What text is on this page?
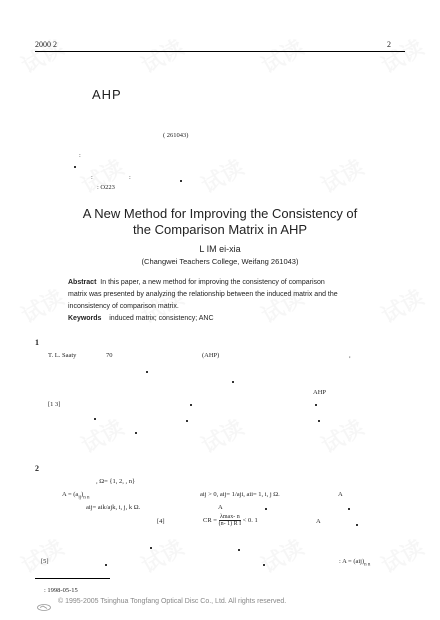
2000 2	2
AHP
( 261043)
:
:	:
: O223
A New Method for Improving the Consistency of
the Comparison Matrix in AHP
L IM ei-xia
(Changwei Teachers College, Weifang 261043)
Abstract In this paper, a new method for improving the consistency of comparison
matrix was presented by analyzing the relationship between the induced matrix and the
inconsistency of comparison matrix.
Keywords induced matrix; consistency; ANC
1
T. L. Saaty	70	(AHP)	,
AHP
[1 3]
2
, Ω= {1, 2, , n}
$A = (a_{ij})_{n n}$	aij > 0, aij= 1/aji, aii= 1, i, j Ω.	A
aij= aik/ajk, i, j, k Ω.	A
[4]	CR = $\frac{\lambda\max- n}{\text{(n- 1) R I}} < 0$. 1	A
[5]	: $A = (aij)_{n n}$
: 1998-05-15
© 1995-2005 Tsinghua Tongfang Optical Disc Co., Ltd. All rights reserved.
